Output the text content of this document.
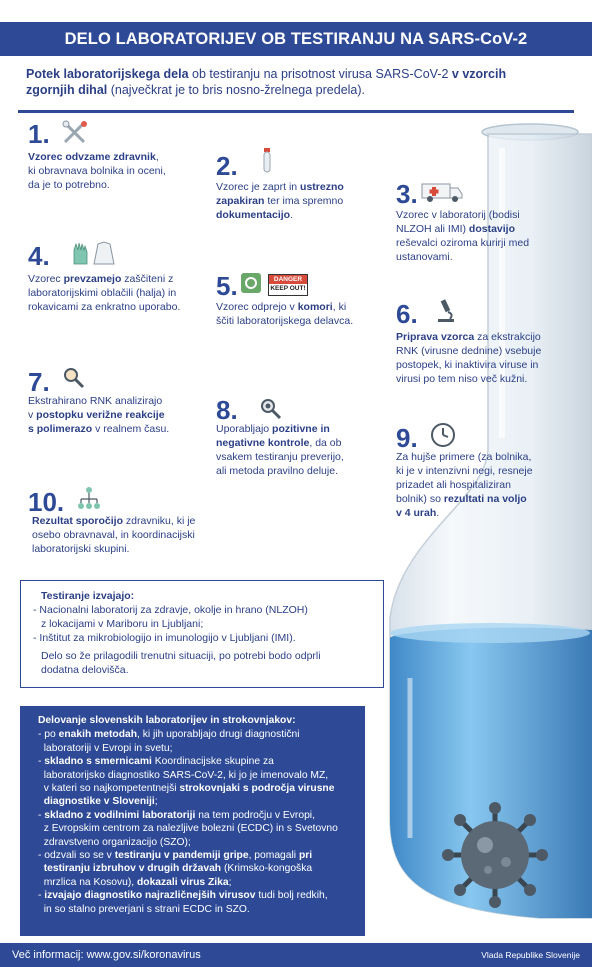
DELO LABORATORIJEV OB TESTIRANJU NA SARS-CoV-2
Potek laboratorijskega dela ob testiranju na prisotnost virusa SARS-CoV-2 v vzorcih zgornjih dihal (največkrat je to bris nosno-žrelnega predela).
1.
Vzorec odvzame zdravnik,
ki obravnava bolnika in oceni,
da je to potrebno.
2.
Vzorec je zaprt in ustrezno
zapakiran ter ima spremno
dokumentacijo.
3.
Vzorec v laboratorij (bodisi
NLZOH ali IMI) dostavijo
reševalci oziroma kurirji med
ustanovami.
4.
Vzorec prevzamejo zaščiteni z
laboratorijskimi oblačili (halja) in
rokavicami za enkratno uporabo.
5.	DANGER
KEEP OUT!
Vzorec odprejo v komori, ki
ščiti laboratorijskega delavca.	6.
Priprava vzorca za ekstrakcijo
RNK (virusne dednine) vsebuje
postopek, ki inaktivira viruse in
virusi po tem niso več kužni.
7.
Ekstrahirano RNK analizirajo
v postopku verižne reakcije
s polimerazo v realnem času.
8.
Uporabljajo pozitivne in
negativne kontrole, da ob
vsakem testiranju preverijo,
ali metoda pravilno deluje.
9.
Za hujše primere (za bolnika,
ki je v intenzivni negi, resneje
prizadet ali hospitaliziran
bolnik) so rezultati na voljo
v 4 urah.
10.
Rezultat sporočijo zdravniku, ki je
osebo obravnaval, in koordinacijski
laboratorijski skupini.
Testiranje izvajajo:
- Nacionalni laboratorij za zdravje, okolje in hrano (NLZOH)
z lokacijami v Mariboru in Ljubljani;
- Inštitut za mikrobiologijo in imunologijo v Ljubljani (IMI).
Delo so že prilagodili trenutni situaciji, po potrebi bodo odprli
dodatna delovišča.
Delovanje slovenskih laboratorijev in strokovnjakov:
- po enakih metodah, ki jih uporabljajo drugi diagnostični
laboratoriji v Evropi in svetu;
- skladno s smernicami Koordinacijske skupine za
laboratorijsko diagnostiko SARS-CoV-2, ki jo je imenovalo MZ,
v kateri so najkompetentnejši strokovnjaki s področja virusne
diagnostike v Sloveniji;
- skladno z vodilnimi laboratoriji na tem področju v Evropi,
z Evropskim centrom za nalezljive bolezni (ECDC) in s Svetovno
zdravstveno organizacijo (SZO);
- odzvali so se v testiranju v pandemiji gripe, pomagali pri
testiranju izbruhov v drugih državah (Krimsko-kongoška
mrzlica na Kosovu), dokazali virus Zika;
- izvajajo diagnostiko najrazličnejših virusov tudi bolj redkih,
in so stalno preverjani s strani ECDC in SZO.
Več informacij: www.gov.si/koronavirus	Vlada Republike Slovenije
